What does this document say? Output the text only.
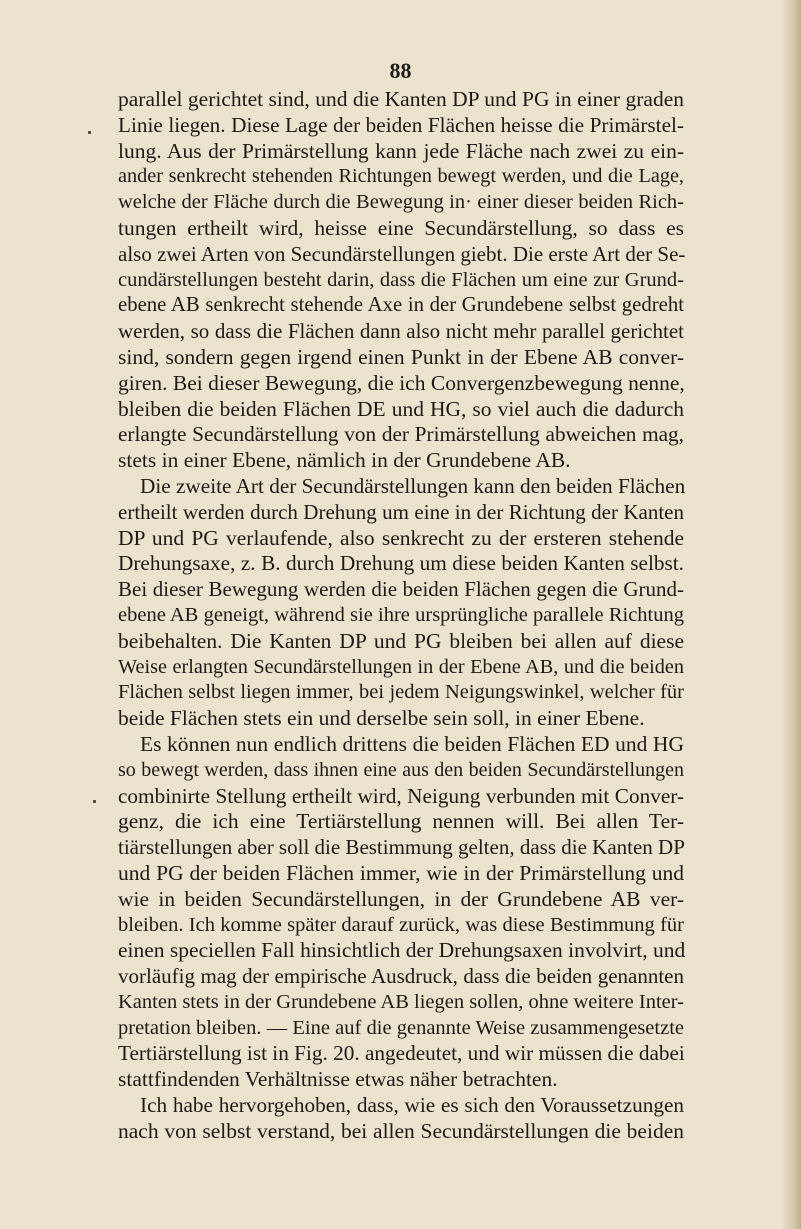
88
parallel gerichtet sind, und die Kanten DP und PG in einer graden
Linie liegen. Diese Lage der beiden Flächen heisse die Primärstel-
lung. Aus der Primärstellung kann jede Fläche nach zwei zu ein-
ander senkrecht stehenden Richtungen bewegt werden, und die Lage,
welche der Fläche durch die Bewegung in· einer dieser beiden Rich-
tungen ertheilt wird, heisse eine Secundärstellung, so dass es
also zwei Arten von Secundärstellungen giebt. Die erste Art der Se-
cundärstellungen besteht darin, dass die Flächen um eine zur Grund-
ebene AB senkrecht stehende Axe in der Grundebene selbst gedreht
werden, so dass die Flächen dann also nicht mehr parallel gerichtet
sind, sondern gegen irgend einen Punkt in der Ebene AB conver-
giren. Bei dieser Bewegung, die ich Convergenzbewegung nenne,
bleiben die beiden Flächen DE und HG, so viel auch die dadurch
erlangte Secundärstellung von der Primärstellung abweichen mag,
stets in einer Ebene, nämlich in der Grundebene AB.
Die zweite Art der Secundärstellungen kann den beiden Flächen
ertheilt werden durch Drehung um eine in der Richtung der Kanten
DP und PG verlaufende, also senkrecht zu der ersteren stehende
Drehungsaxe, z. B. durch Drehung um diese beiden Kanten selbst.
Bei dieser Bewegung werden die beiden Flächen gegen die Grund-
ebene AB geneigt, während sie ihre ursprüngliche parallele Richtung
beibehalten. Die Kanten DP und PG bleiben bei allen auf diese
Weise erlangten Secundärstellungen in der Ebene AB, und die beiden
Flächen selbst liegen immer, bei jedem Neigungswinkel, welcher für
beide Flächen stets ein und derselbe sein soll, in einer Ebene.
Es können nun endlich drittens die beiden Flächen ED und HG
so bewegt werden, dass ihnen eine aus den beiden Secundärstellungen
combinirte Stellung ertheilt wird, Neigung verbunden mit Conver-
genz, die ich eine Tertiärstellung nennen will. Bei allen Ter-
tiärstellungen aber soll die Bestimmung gelten, dass die Kanten DP
und PG der beiden Flächen immer, wie in der Primärstellung und
wie in beiden Secundärstellungen, in der Grundebene AB ver-
bleiben. Ich komme später darauf zurück, was diese Bestimmung für
einen speciellen Fall hinsichtlich der Drehungsaxen involvirt, und
vorläufig mag der empirische Ausdruck, dass die beiden genannten
Kanten stets in der Grundebene AB liegen sollen, ohne weitere Inter-
pretation bleiben. — Eine auf die genannte Weise zusammengesetzte
Tertiärstellung ist in Fig. 20. angedeutet, und wir müssen die dabei
stattfindenden Verhältnisse etwas näher betrachten.
Ich habe hervorgehoben, dass, wie es sich den Voraussetzungen
nach von selbst verstand, bei allen Secundärstellungen die beiden
